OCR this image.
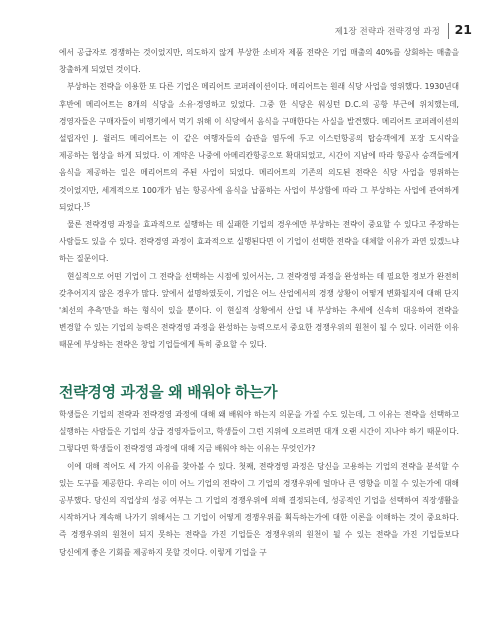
제1장 전략과 전략경영 과정 21

에서 공급자로 경쟁하는 것이었지만, 의도하지 않게 부상한 소비자 제품 전략은 기업 매출의 40%를 상회하는 매출을 창출하게 되었던 것이다.

부상하는 전략을 이용한 또 다른 기업은 메리어트 코퍼레이션이다. 메리어트는 원래 식당 사업을 영위했다. 1930년대 후반에 메리어트는 8개의 식당을 소유·경영하고 있었다. 그중 한 식당은 워싱턴 D.C.의 공항 부근에 위치했는데, 경영자들은 구매자들이 비행기에서 먹기 위해 이 식당에서 음식을 구매한다는 사실을 발견했다. 메리어트 코퍼레이션의 설립자인 J. 윌러드 메리어트는 이 같은 여행자들의 습관을 염두에 두고 이스턴항공의 탑승객에게 포장 도시락을 제공하는 협상을 하게 되었다. 이 계약은 나중에 아메리칸항공으로 확대되었고, 시간이 지남에 따라 항공사 승객들에게 음식을 제공하는 일은 메리어트의 주된 사업이 되었다. 메리어트의 기존의 의도된 전략은 식당 사업을 영위하는 것이었지만, 세계적으로 100개가 넘는 항공사에 음식을 납품하는 사업이 부상함에 따라 그 부상하는 사업에 관여하게 되었다.$^{15}$

물론 전략경영 과정을 효과적으로 실행하는 데 실패한 기업의 경우에만 부상하는 전략이 중요할 수 있다고 주장하는 사람들도 있을 수 있다. 전략경영 과정이 효과적으로 실행된다면 이 기업이 선택한 전략을 대체할 이유가 과연 있겠느냐 하는 질문이다.

현실적으로 어떤 기업이 그 전략을 선택하는 시점에 있어서는, 그 전략경영 과정을 완성하는 데 필요한 정보가 완전히 갖추어지지 않은 경우가 많다. 앞에서 설명하였듯이, 기업은 어느 산업에서의 경쟁 상황이 어떻게 변화될지에 대해 단지 '최선의 추측'만을 하는 형식이 있을 뿐이다. 이 현실적 상황에서 산업 내 부상하는 추세에 신속히 대응하여 전략을 변경할 수 있는 기업의 능력은 전략경영 과정을 완성하는 능력으로서 중요한 경쟁우위의 원천이 될 수 있다. 이러한 이유 때문에 부상하는 전략은 창업 기업들에게 특히 중요할 수 있다.

전략경영 과정을 왜 배워야 하는가

학생들은 기업의 전략과 전략경영 과정에 대해 왜 배워야 하는지 의문을 가질 수도 있는데, 그 이유는 전략을 선택하고 실행하는 사람들은 기업의 상급 경영자들이고, 학생들이 그런 지위에 오르려면 대개 오랜 시간이 지나야 하기 때문이다. 그렇다면 학생들이 전략경영 과정에 대해 지금 배워야 하는 이유는 무엇인가?

이에 대해 적어도 세 가지 이유를 찾아볼 수 있다. 첫째, 전략경영 과정은 당신을 고용하는 기업의 전략을 분석할 수 있는 도구를 제공한다. 우리는 이미 어느 기업의 전략이 그 기업의 경쟁우위에 얼마나 큰 영향을 미칠 수 있는가에 대해 공부했다. 당신의 직업상의 성공 여부는 그 기업의 경쟁우위에 의해 결정되는데, 성공적인 기업을 선택하여 직장생활을 시작하거나 계속해 나가기 위해서는 그 기업이 어떻게 경쟁우위를 획득하는가에 대한 이론을 이해하는 것이 중요하다. 즉 경쟁우위의 원천이 되지 못하는 전략을 가진 기업들은 경쟁우위의 원천이 될 수 있는 전략을 가진 기업들보다 당신에게 좋은 기회를 제공하지 못할 것이다. 이렇게 기업을 구
